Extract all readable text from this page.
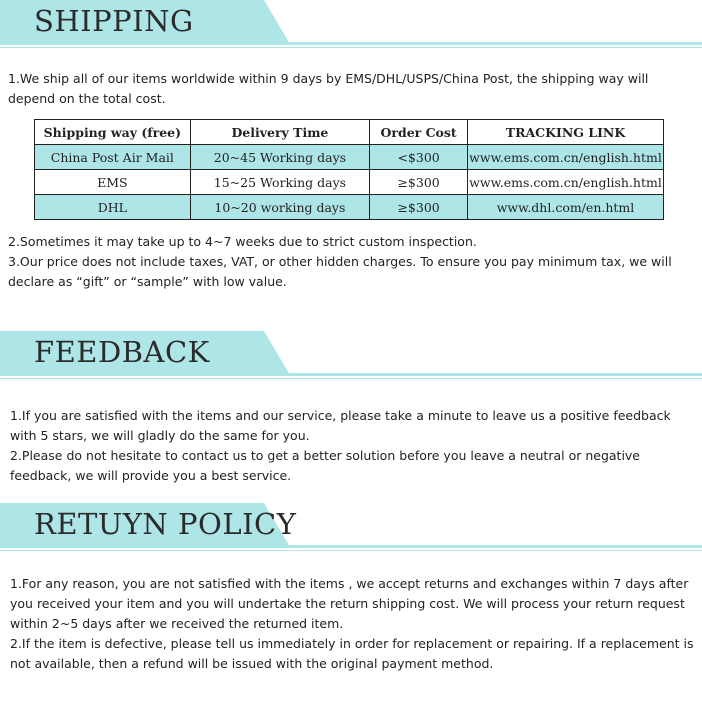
SHIPPING
1.We ship all of our items worldwide within 9 days by EMS/DHL/USPS/China Post, the shipping way will depend on the total cost.
Shipping way (free)	Delivery Time	Order Cost	TRACKING LINK
China Post Air Mail	20~45 Working days	<$300	www.ems.com.cn/english.html
EMS	15~25 Working days	≥$300	www.ems.com.cn/english.html
DHL	10~20 working days	≥$300	www.dhl.com/en.html
2.Sometimes it may take up to 4~7 weeks due to strict custom inspection.
3.Our price does not include taxes, VAT, or other hidden charges. To ensure you pay minimum tax, we will declare as “gift” or “sample” with low value.
FEEDBACK
1.If you are satisfied with the items and our service, please take a minute to leave us a positive feedback with 5 stars, we will gladly do the same for you.
2.Please do not hesitate to contact us to get a better solution before you leave a neutral or negative feedback, we will provide you a best service.
RETUYN POLICY
1.For any reason, you are not satisfied with the items , we accept returns and exchanges within 7 days after you received your item and you will undertake the return shipping cost. We will process your return request within 2~5 days after we received the returned item.
2.If the item is defective, please tell us immediately in order for replacement or repairing. If a replacement is not available, then a refund will be issued with the original payment method.
